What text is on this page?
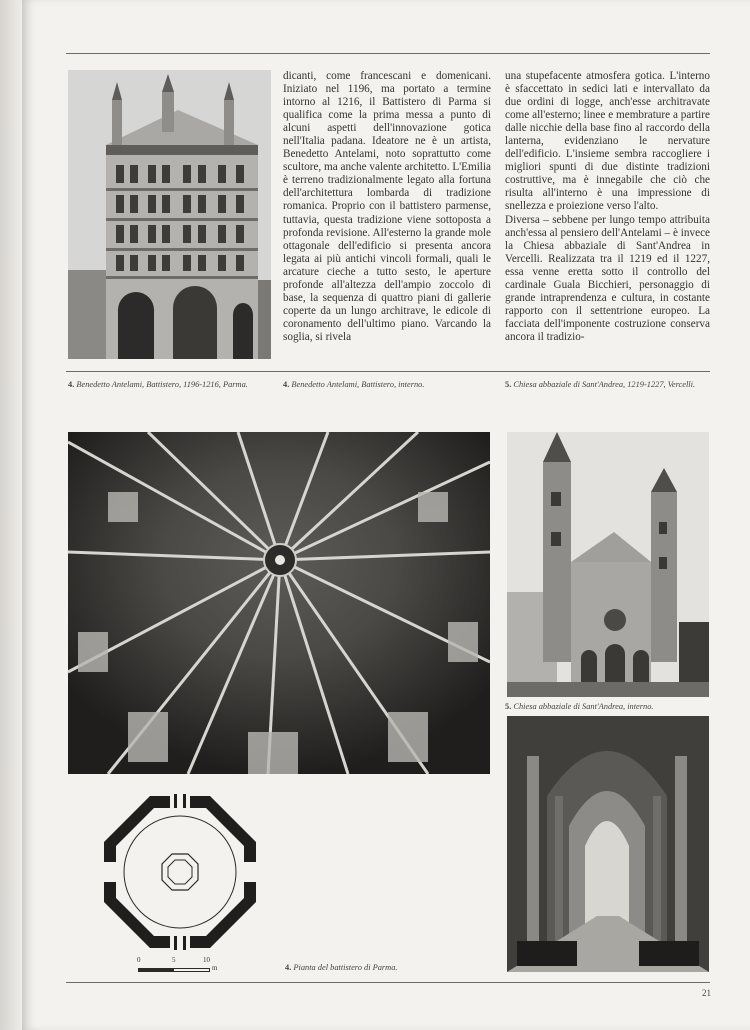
dicanti, come francescani e domenicani. Iniziato nel 1196, ma portato a termine intorno al 1216, il Battistero di Parma si qualifica come la prima messa a punto di alcuni aspetti dell'innovazione gotica nell'Italia padana. Ideatore ne è un artista, Benedetto Antelami, noto soprattutto come scultore, ma anche valente architetto. L'Emilia è terreno tradizionalmente legato alla fortuna dell'architettura lombarda di tradizione romanica. Proprio con il battistero parmense, tuttavia, questa tradizione viene sottoposta a profonda revisione. All'esterno la grande mole ottagonale dell'edificio si presenta ancora legata ai più antichi vincoli formali, quali le arcature cieche a tutto sesto, le aperture profonde all'altezza dell'ampio zoccolo di base, la sequenza di quattro piani di gallerie coperte da un lungo architrave, le edicole di coronamento dell'ultimo piano. Varcando la soglia, si rivela

una stupefacente atmosfera gotica. L'interno è sfaccettato in sedici lati e intervallato da due ordini di logge, anch'esse architravate come all'esterno; linee e membrature a partire dalle nicchie della base fino al raccordo della lanterna, evidenziano le nervature dell'edificio. L'insieme sembra raccogliere i migliori spunti di due distinte tradizioni costruttive, ma è innegabile che ciò che risulta all'interno è una impressione di snellezza e proiezione verso l'alto.

Diversa – sebbene per lungo tempo attribuita anch'essa al pensiero dell'Antelami – è invece la Chiesa abbaziale di Sant'Andrea in Vercelli. Realizzata tra il 1219 ed il 1227, essa venne eretta sotto il controllo del cardinale Guala Bicchieri, personaggio di grande intraprendenza e cultura, in costante rapporto con il settentrione europeo. La facciata dell'imponente costruzione conserva ancora il tradizio-

4. Benedetto Antelami, Battistero, 1196-1216, Parma.	4. Benedetto Antelami, Battistero, interno.	5. Chiesa abbaziale di Sant'Andrea, 1219-1227, Vercelli.
5. Chiesa abbaziale di Sant'Andrea, interno.
0	5	10
m	4. Pianta del battistero di Parma.
21
